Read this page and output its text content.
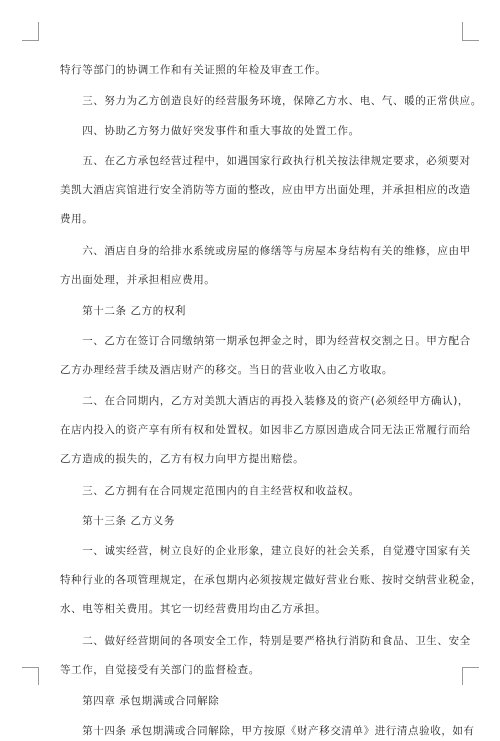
特行等部门的协调工作和有关证照的年检及审查工作。
　　三、努力为乙方创造良好的经营服务环境，保障乙方水、电、气、暖的正常供应。
　　四、协助乙方努力做好突发事件和重大事故的处置工作。
　　五、在乙方承包经营过程中，如遇国家行政执行机关按法律规定要求，必须要对
美凯大酒店宾馆进行安全消防等方面的整改，应由甲方出面处理，并承担相应的改造
费用。
　　六、酒店自身的给排水系统或房屋的修缮等与房屋本身结构有关的维修，应由甲
方出面处理，并承担相应费用。
　　第十二条 乙方的权利
　　一、乙方在签订合同缴纳第一期承包押金之时，即为经营权交割之日。甲方配合
乙方办理经营手续及酒店财产的移交。当日的营业收入由乙方收取。
　　二、在合同期内，乙方对美凯大酒店的再投入装修及的资产(必须经甲方确认)，
在店内投入的资产享有所有权和处置权。如因非乙方原因造成合同无法正常履行而给
乙方造成的损失的，乙方有权力向甲方提出赔偿。
　　三、乙方拥有在合同规定范围内的自主经营权和收益权。
　　第十三条 乙方义务
　　一、诚实经营，树立良好的企业形象，建立良好的社会关系，自觉遵守国家有关
特种行业的各项管理规定，在承包期内必须按规定做好营业台账、按时交纳营业税金，
水、电等相关费用。其它一切经营费用均由乙方承担。
　　二、做好经营期间的各项安全工作，特别是要严格执行消防和食品、卫生、安全
等工作，自觉接受有关部门的监督检查。
　　第四章 承包期满或合同解除
　　第十四条 承包期满或合同解除，甲方按原《财产移交清单》进行清点验收，如有
